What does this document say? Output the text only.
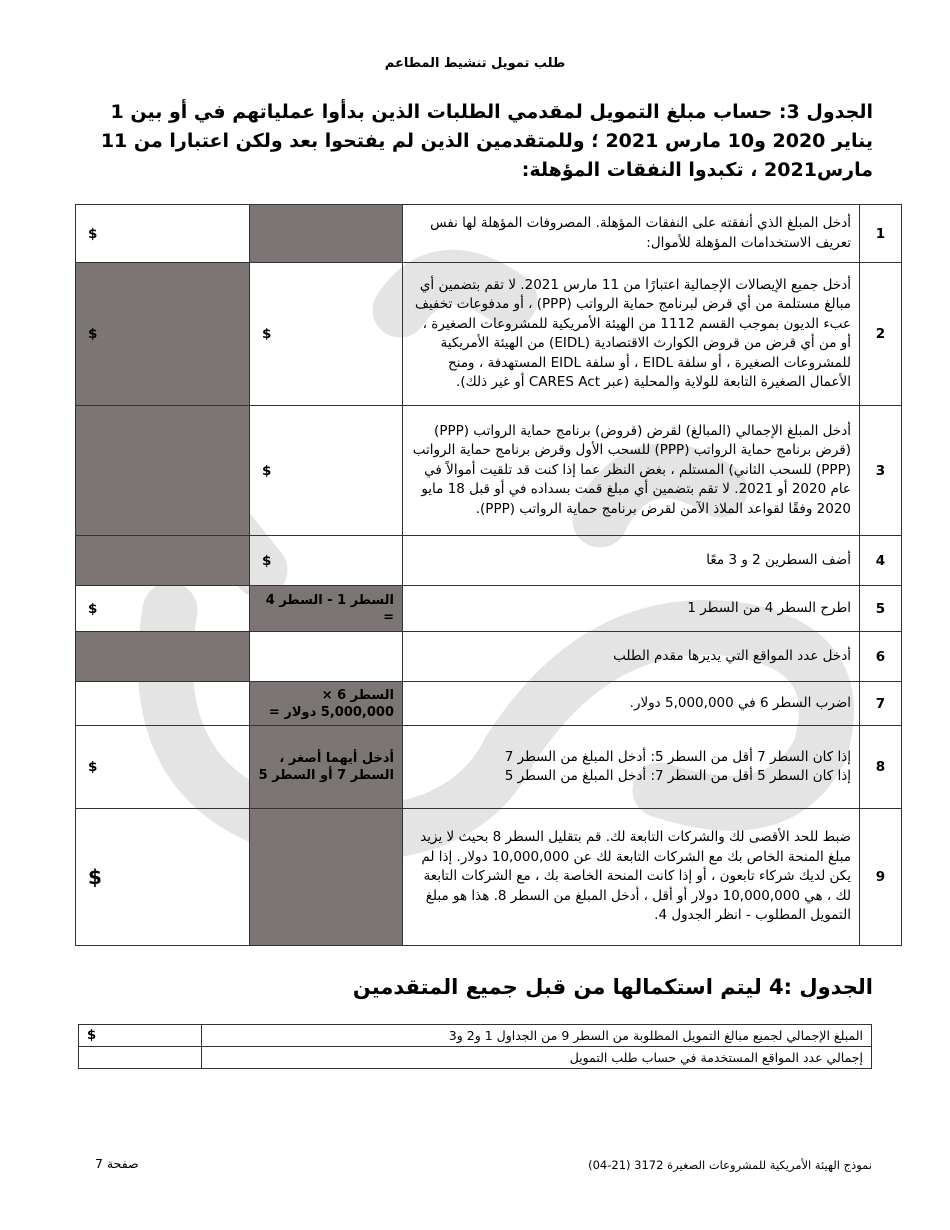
طلب تمويل تنشيط المطاعم
الجدول 3: حساب مبلغ التمويل لمقدمي الطلبات الذين بدأوا عملياتهم في أو بين 1 يناير 2020 و10 مارس 2021 ؛ وللمتقدمين الذين لم يفتحوا بعد ولكن اعتبارا من 11 مارس2021 ، تكبدوا النفقات المؤهلة:
1	أدخل المبلغ الذي أنفقته على النفقات المؤهلة. المصروفات المؤهلة لها نفس تعريف الاستخدامات المؤهلة للأموال:		$
2	أدخل جميع الإيصالات الإجمالية اعتبارًا من 11 مارس 2021. لا تقم بتضمين أي مبالغ مستلمة من أي قرض لبرنامج حماية الرواتب (PPP) ، أو مدفوعات تخفيف عبء الديون بموجب القسم 1112 من الهيئة الأمريكية للمشروعات الصغيرة ، أو من أي قرض من قروض الكوارث الاقتصادية (EIDL) من الهيئة الأمريكية للمشروعات الصغيرة ، أو سلفة EIDL ، أو سلفة EIDL المستهدفة ، ومنح الأعمال الصغيرة التابعة للولاية والمحلية (عبر CARES Act أو غير ذلك).	$	$
3	أدخل المبلغ الإجمالي (المبالغ) لقرض (قروض) برنامج حماية الرواتب (PPP) (قرض برنامج حماية الرواتب (PPP) للسحب الأول وقرض برنامج حماية الرواتب (PPP) للسحب الثاني) المستلم ، بغض النظر عما إذا كنت قد تلقيت أموالاً في عام 2020 أو 2021. لا تقم بتضمين أي مبلغ قمت بسداده في أو قبل 18 مايو 2020 وفقًا لقواعد الملاذ الآمن لقرض برنامج حماية الرواتب (PPP).	$	
4	أضف السطرين 2 و 3 معًا	$	
5	اطرح السطر 4 من السطر 1	السطر 1 - السطر 4 =	$
6	أدخل عدد المواقع التي يديرها مقدم الطلب		
7	اضرب السطر 6 في 5,000,000 دولار.	السطر 6 × 5,000,000 دولار =	
8	إذا كان السطر 7 أقل من السطر 5: أدخل المبلغ من السطر 7
إذا كان السطر 5 أقل من السطر 7: أدخل المبلغ من السطر 5	أدخل أيهما أصغر ، السطر 7 أو السطر 5	$
9	ضبط للحد الأقصى لك والشركات التابعة لك. قم بتقليل السطر 8 بحيث لا يزيد مبلغ المنحة الخاص بك مع الشركات التابعة لك عن 10,000,000 دولار. إذا لم يكن لديك شركاء تابعون ، أو إذا كانت المنحة الخاصة بك ، مع الشركات التابعة لك ، هي 10,000,000 دولار أو أقل ، أدخل المبلغ من السطر 8. هذا هو مبلغ التمويل المطلوب - انظر الجدول 4.		$
الجدول :4 ليتم استكمالها من قبل جميع المتقدمين
المبلغ الإجمالي لجميع مبالغ التمويل المطلوبة من السطر 9 من الجداول 1 و2 و3	$
إجمالي عدد المواقع المستخدمة في حساب طلب التمويل	
صفحة 7	نموذج الهيئة الأمريكية للمشروعات الصغيرة 3172 (21-04)
